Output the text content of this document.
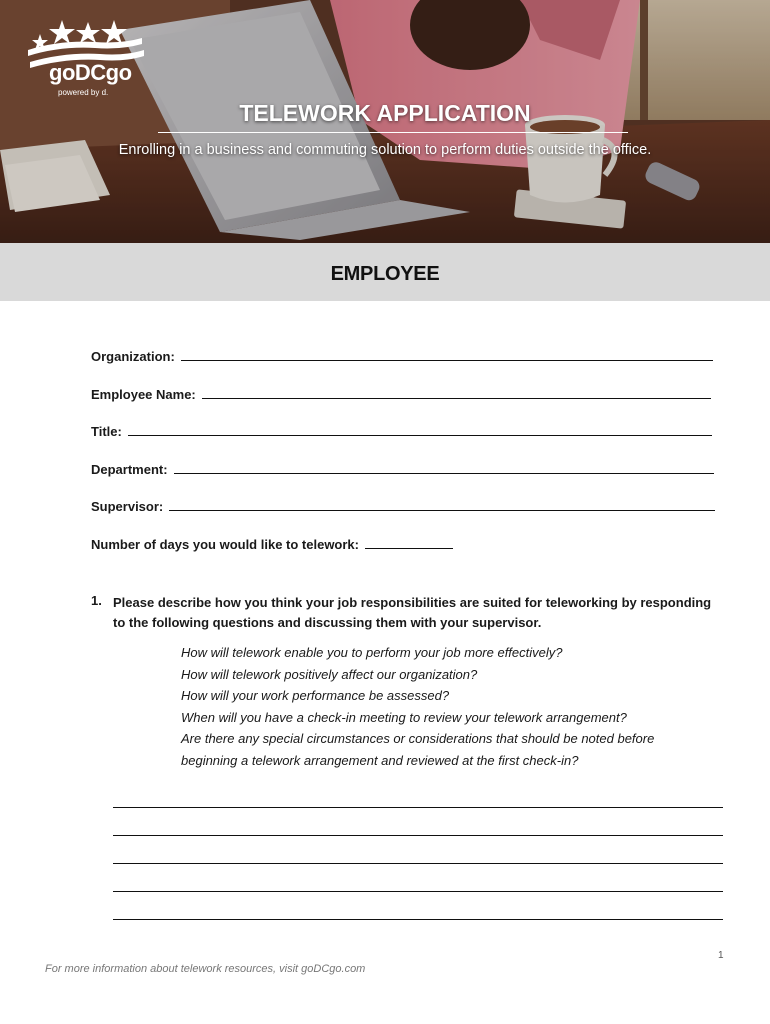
goDCgo
powered by d.
TELEWORK APPLICATION
Enrolling in a business and commuting solution to perform duties outside the office.
EMPLOYEE
Organization:
Employee Name:
Title:
Department:
Supervisor:
Number of days you would like to telework:
1. Please describe how you think your job responsibilities are suited for teleworking by responding to the following questions and discussing them with your supervisor.
How will telework enable you to perform your job more effectively?
How will telework positively affect our organization?
How will your work performance be assessed?
When will you have a check-in meeting to review your telework arrangement?
Are there any special circumstances or considerations that should be noted before beginning a telework arrangement and reviewed at the first check-in?
1
For more information about telework resources, visit goDCgo.com
